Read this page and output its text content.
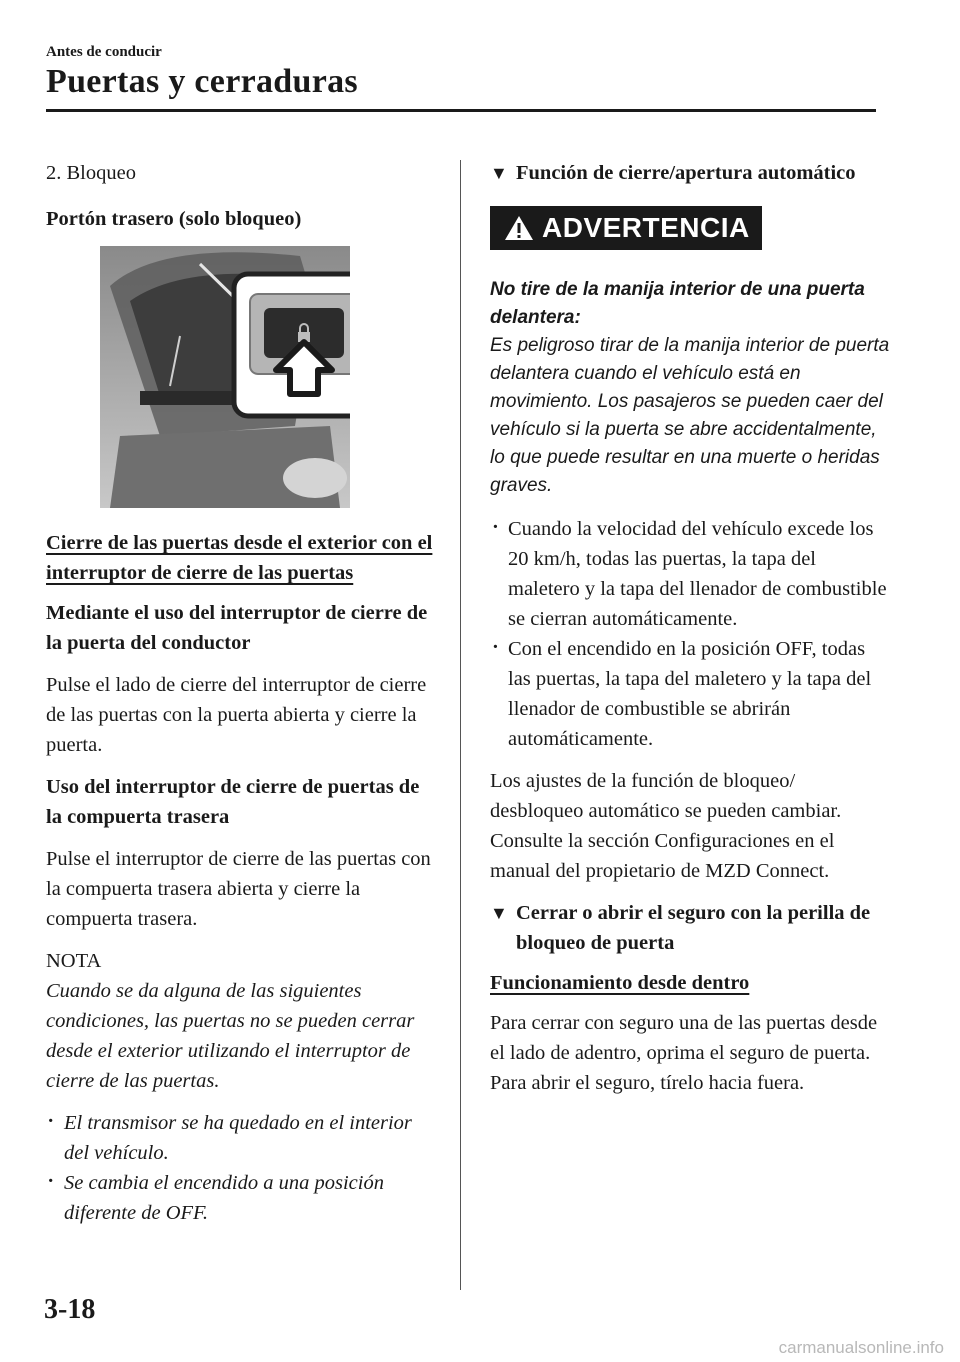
Antes de conducir
Puertas y cerraduras

2. Bloqueo

Portón trasero (solo bloqueo)

Cierre de las puertas desde el exterior con el interruptor de cierre de las puertas

Mediante el uso del interruptor de cierre de la puerta del conductor

Pulse el lado de cierre del interruptor de cierre de las puertas con la puerta abierta y cierre la puerta.

Uso del interruptor de cierre de puertas de la compuerta trasera

Pulse el interruptor de cierre de las puertas con la compuerta trasera abierta y cierre la compuerta trasera.

NOTA

Cuando se da alguna de las siguientes condiciones, las puertas no se pueden cerrar desde el exterior utilizando el interruptor de cierre de las puertas.

· El transmisor se ha quedado en el interior del vehículo.
· Se cambia el encendido a una posición diferente de OFF.
▼ Función de cierre/apertura automático
ADVERTENCIA
No tire de la manija interior de una puerta delantera:
Es peligroso tirar de la manija interior de puerta delantera cuando el vehículo está en movimiento. Los pasajeros se pueden caer del vehículo si la puerta se abre accidentalmente, lo que puede resultar en una muerte o heridas graves.
· Cuando la velocidad del vehículo excede los 20 km/h, todas las puertas, la tapa del maletero y la tapa del llenador de combustible se cierran automáticamente.
· Con el encendido en la posición OFF, todas las puertas, la tapa del maletero y la tapa del llenador de combustible se abrirán automáticamente.

Los ajustes de la función de bloqueo/ desbloqueo automático se pueden cambiar. Consulte la sección Configuraciones en el manual del propietario de MZD Connect.

▼ Cerrar o abrir el seguro con la perilla de bloqueo de puerta

Funcionamiento desde dentro

Para cerrar con seguro una de las puertas desde el lado de adentro, oprima el seguro de puerta.

Para abrir el seguro, tírelo hacia fuera.

3-18
carmanualsonline.info
